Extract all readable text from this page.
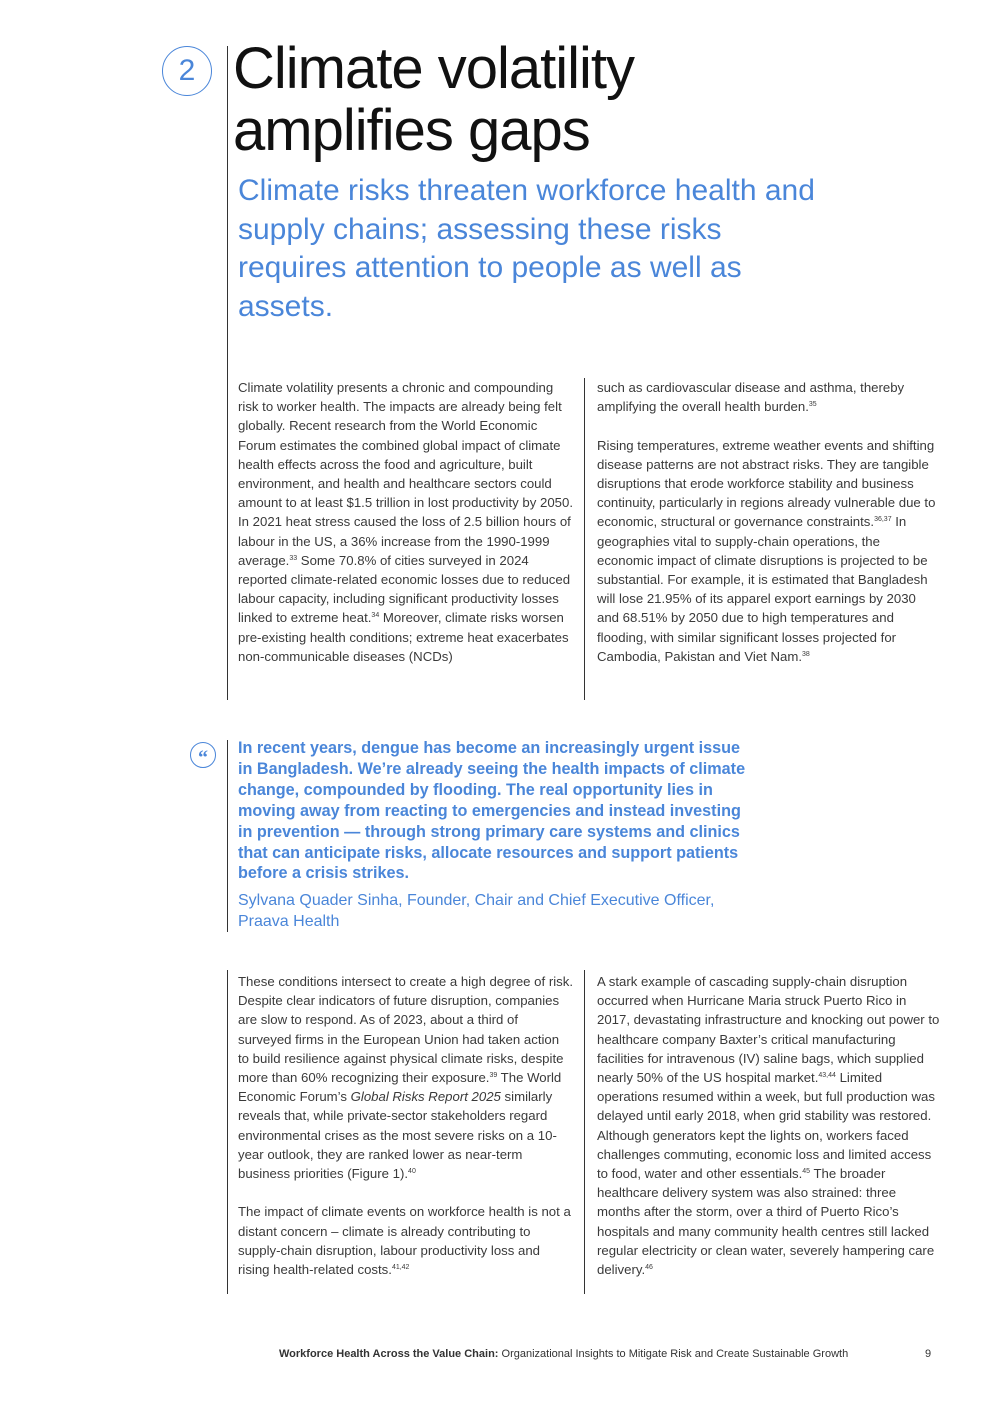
2 Climate volatility amplifies gaps

Climate risks threaten workforce health and supply chains; assessing these risks requires attention to people as well as assets.

Climate volatility presents a chronic and compounding risk to worker health. The impacts are already being felt globally. Recent research from the World Economic Forum estimates the combined global impact of climate health effects across the food and agriculture, built environment, and health and healthcare sectors could amount to at least $1.5 trillion in lost productivity by 2050. In 2021 heat stress caused the loss of 2.5 billion hours of labour in the US, a 36% increase from the 1990-1999 average.$^{33}$ Some 70.8% of cities surveyed in 2024 reported climate-related economic losses due to reduced labour capacity, including significant productivity losses linked to extreme heat.$^{34}$ Moreover, climate risks worsen pre-existing health conditions; extreme heat exacerbates non-communicable diseases (NCDs)

such as cardiovascular disease and asthma, thereby amplifying the overall health burden.$^{35}$

Rising temperatures, extreme weather events and shifting disease patterns are not abstract risks. They are tangible disruptions that erode workforce stability and business continuity, particularly in regions already vulnerable due to economic, structural or governance constraints.$^{36,37}$ In geographies vital to supply-chain operations, the economic impact of climate disruptions is projected to be substantial. For example, it is estimated that Bangladesh will lose 21.95% of its apparel export earnings by 2030 and 68.51% by 2050 due to high temperatures and flooding, with similar significant losses projected for Cambodia, Pakistan and Viet Nam.$^{38}$

“	In recent years, dengue has become an increasingly urgent issue in Bangladesh. We’re already seeing the health impacts of climate change, compounded by flooding. The real opportunity lies in moving away from reacting to emergencies and instead investing in prevention — through strong primary care systems and clinics that can anticipate risks, allocate resources and support patients before a crisis strikes.

Sylvana Quader Sinha, Founder, Chair and Chief Executive Officer, Praava Health

These conditions intersect to create a high degree of risk. Despite clear indicators of future disruption, companies are slow to respond. As of 2023, about a third of surveyed firms in the European Union had taken action to build resilience against physical climate risks, despite more than 60% recognizing their exposure.$^{39}$ The World Economic Forum’s Global Risks Report 2025 similarly reveals that, while private-sector stakeholders regard environmental crises as the most severe risks on a 10-year outlook, they are ranked lower as near-term business priorities (Figure 1).$^{40}$

The impact of climate events on workforce health is not a distant concern – climate is already contributing to supply-chain disruption, labour productivity loss and rising health-related costs.$^{41,42}$

A stark example of cascading supply-chain disruption occurred when Hurricane Maria struck Puerto Rico in 2017, devastating infrastructure and knocking out power to healthcare company Baxter’s critical manufacturing facilities for intravenous (IV) saline bags, which supplied nearly 50% of the US hospital market.$^{43,44}$ Limited operations resumed within a week, but full production was delayed until early 2018, when grid stability was restored. Although generators kept the lights on, workers faced challenges commuting, economic loss and limited access to food, water and other essentials.$^{45}$ The broader healthcare delivery system was also strained: three months after the storm, over a third of Puerto Rico’s hospitals and many community health centres still lacked regular electricity or clean water, severely hampering care delivery.$^{46}$

Workforce Health Across the Value Chain: Organizational Insights to Mitigate Risk and Create Sustainable Growth	9
